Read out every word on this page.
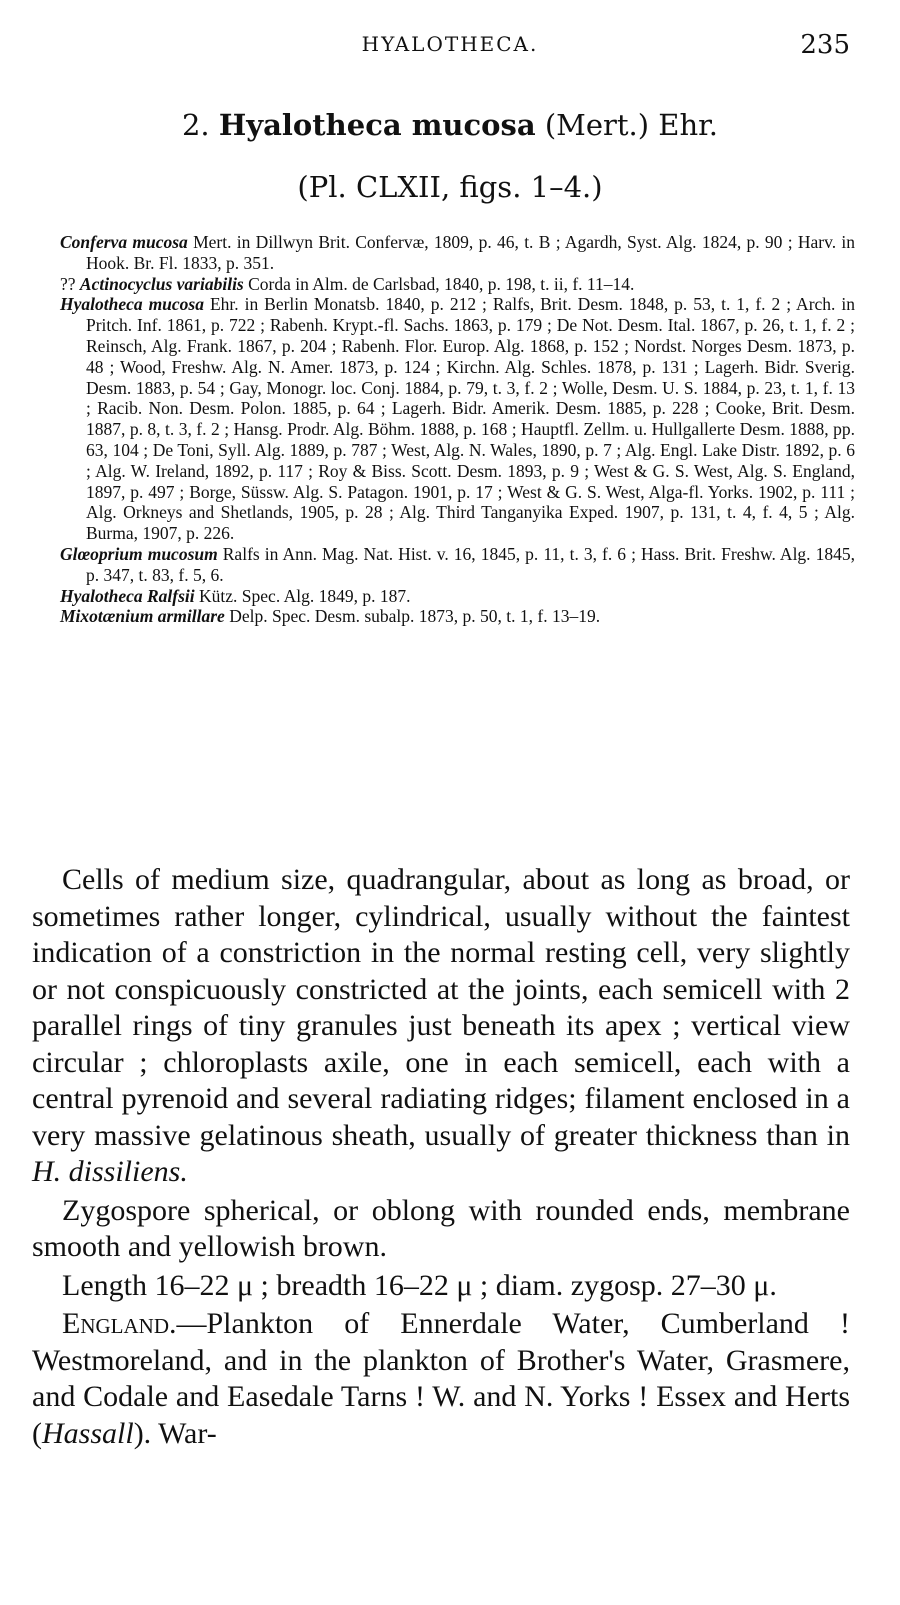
HYALOTHECA.	235
2. Hyalotheca mucosa (Mert.) Ehr.
(Pl. CLXII, figs. 1–4.)
Conferva mucosa Mert. in Dillwyn Brit. Confervæ, 1809, p. 46, t. B ; Agardh, Syst. Alg. 1824, p. 90 ; Harv. in Hook. Br. Fl. 1833, p. 351.
?? Actinocyclus variabilis Corda in Alm. de Carlsbad, 1840, p. 198, t. ii, f. 11–14.
Hyalotheca mucosa Ehr. in Berlin Monatsb. 1840, p. 212 ; Ralfs, Brit. Desm. 1848, p. 53, t. 1, f. 2 ; Arch. in Pritch. Inf. 1861, p. 722 ; Rabenh. Krypt.-fl. Sachs. 1863, p. 179 ; De Not. Desm. Ital. 1867, p. 26, t. 1, f. 2 ; Reinsch, Alg. Frank. 1867, p. 204 ; Rabenh. Flor. Europ. Alg. 1868, p. 152 ; Nordst. Norges Desm. 1873, p. 48 ; Wood, Freshw. Alg. N. Amer. 1873, p. 124 ; Kirchn. Alg. Schles. 1878, p. 131 ; Lagerh. Bidr. Sverig. Desm. 1883, p. 54 ; Gay, Monogr. loc. Conj. 1884, p. 79, t. 3, f. 2 ; Wolle, Desm. U. S. 1884, p. 23, t. 1, f. 13 ; Racib. Non. Desm. Polon. 1885, p. 64 ; Lagerh. Bidr. Amerik. Desm. 1885, p. 228 ; Cooke, Brit. Desm. 1887, p. 8, t. 3, f. 2 ; Hansg. Prodr. Alg. Böhm. 1888, p. 168 ; Hauptfl. Zellm. u. Hullgallerte Desm. 1888, pp. 63, 104 ; De Toni, Syll. Alg. 1889, p. 787 ; West, Alg. N. Wales, 1890, p. 7 ; Alg. Engl. Lake Distr. 1892, p. 6 ; Alg. W. Ireland, 1892, p. 117 ; Roy & Biss. Scott. Desm. 1893, p. 9 ; West & G. S. West, Alg. S. England, 1897, p. 497 ; Borge, Süssw. Alg. S. Patagon. 1901, p. 17 ; West & G. S. West, Alga-fl. Yorks. 1902, p. 111 ; Alg. Orkneys and Shetlands, 1905, p. 28 ; Alg. Third Tanganyika Exped. 1907, p. 131, t. 4, f. 4, 5 ; Alg. Burma, 1907, p. 226.
Glœoprium mucosum Ralfs in Ann. Mag. Nat. Hist. v. 16, 1845, p. 11, t. 3, f. 6 ; Hass. Brit. Freshw. Alg. 1845, p. 347, t. 83, f. 5, 6.
Hyalotheca Ralfsii Kütz. Spec. Alg. 1849, p. 187.
Mixotænium armillare Delp. Spec. Desm. subalp. 1873, p. 50, t. 1, f. 13–19.

Cells of medium size, quadrangular, about as long as broad, or sometimes rather longer, cylindrical, usually without the faintest indication of a constriction in the normal resting cell, very slightly or not conspicuously constricted at the joints, each semicell with 2 parallel rings of tiny granules just beneath its apex ; vertical view circular ; chloroplasts axile, one in each semicell, each with a central pyrenoid and several radiating ridges; filament enclosed in a very massive gelatinous sheath, usually of greater thickness than in H. dissiliens.

Zygospore spherical, or oblong with rounded ends, membrane smooth and yellowish brown.

Length 16–22 μ ; breadth 16–22 μ ; diam. zygosp. 27–30 μ.

England.—Plankton of Ennerdale Water, Cumberland ! Westmoreland, and in the plankton of Brother's Water, Grasmere, and Codale and Easedale Tarns ! W. and N. Yorks ! Essex and Herts (Hassall). War-
